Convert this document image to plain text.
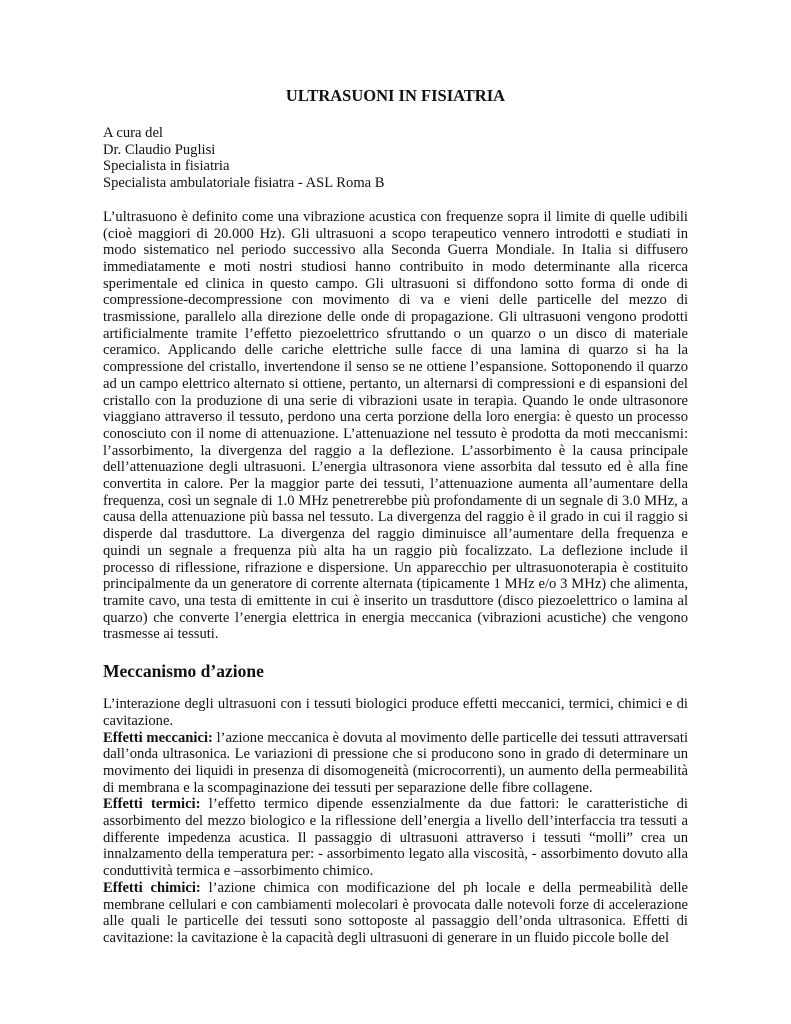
ULTRASUONI IN FISIATRIA
A cura del
Dr. Claudio Puglisi
Specialista in fisiatria
Specialista ambulatoriale fisiatra - ASL Roma B

L’ultrasuono è definito come una vibrazione acustica con frequenze sopra il limite di quelle udibili (cioè maggiori di 20.000 Hz). Gli ultrasuoni a scopo terapeutico vennero introdotti e studiati in modo sistematico nel periodo successivo alla Seconda Guerra Mondiale. In Italia si diffusero immediatamente e moti nostri studiosi hanno contribuito in modo determinante alla ricerca sperimentale ed clinica in questo campo. Gli ultrasuoni si diffondono sotto forma di onde di compressione-decompressione con movimento di va e vieni delle particelle del mezzo di trasmissione, parallelo alla direzione delle onde di propagazione. Gli ultrasuoni vengono prodotti artificialmente tramite l’effetto piezoelettrico sfruttando o un quarzo o un disco di materiale ceramico. Applicando delle cariche elettriche sulle facce di una lamina di quarzo si ha la compressione del cristallo, invertendone il senso se ne ottiene l’espansione. Sottoponendo il quarzo ad un campo elettrico alternato si ottiene, pertanto, un alternarsi di compressioni e di espansioni del cristallo con la produzione di una serie di vibrazioni usate in terapia. Quando le onde ultrasonore viaggiano attraverso il tessuto, perdono una certa porzione della loro energia: è questo un processo conosciuto con il nome di attenuazione. L’attenuazione nel tessuto è prodotta da moti meccanismi: l’assorbimento, la divergenza del raggio a la deflezione. L’assorbimento è la causa principale dell’attenuazione degli ultrasuoni. L’energia ultrasonora viene assorbita dal tessuto ed è alla fine convertita in calore. Per la maggior parte dei tessuti, l’attenuazione aumenta all’aumentare della frequenza, così un segnale di 1.0 MHz penetrerebbe più profondamente di un segnale di 3.0 MHz, a causa della attenuazione più bassa nel tessuto. La divergenza del raggio è il grado in cui il raggio si disperde dal trasduttore. La divergenza del raggio diminuisce all’aumentare della frequenza e quindi un segnale a frequenza più alta ha un raggio più focalizzato. La deflezione include il processo di riflessione, rifrazione e dispersione. Un apparecchio per ultrasuonoterapia è costituito principalmente da un generatore di corrente alternata (tipicamente 1 MHz e/o 3 MHz) che alimenta, tramite cavo, una testa di emittente in cui è inserito un trasduttore (disco piezoelettrico o lamina al quarzo) che converte l’energia elettrica in energia meccanica (vibrazioni acustiche) che vengono trasmesse ai tessuti.

Meccanismo d’azione

L’interazione degli ultrasuoni con i tessuti biologici produce effetti meccanici, termici, chimici e di cavitazione.

Effetti meccanici: l’azione meccanica è dovuta al movimento delle particelle dei tessuti attraversati dall’onda ultrasonica. Le variazioni di pressione che si producono sono in grado di determinare un movimento dei liquidi in presenza di disomogeneità (microcorrenti), un aumento della permeabilità di membrana e la scompaginazione dei tessuti per separazione delle fibre collagene.

Effetti termici: l’effetto termico dipende essenzialmente da due fattori: le caratteristiche di assorbimento del mezzo biologico e la riflessione dell’energia a livello dell’interfaccia tra tessuti a differente impedenza acustica. Il passaggio di ultrasuoni attraverso i tessuti “molli” crea un innalzamento della temperatura per: - assorbimento legato alla viscosità, - assorbimento dovuto alla conduttività termica e –assorbimento chimico.

Effetti chimici: l’azione chimica con modificazione del ph locale e della permeabilità delle membrane cellulari e con cambiamenti molecolari è provocata dalle notevoli forze di accelerazione alle quali le particelle dei tessuti sono sottoposte al passaggio dell’onda ultrasonica. Effetti di cavitazione: la cavitazione è la capacità degli ultrasuoni di generare in un fluido piccole bolle del
